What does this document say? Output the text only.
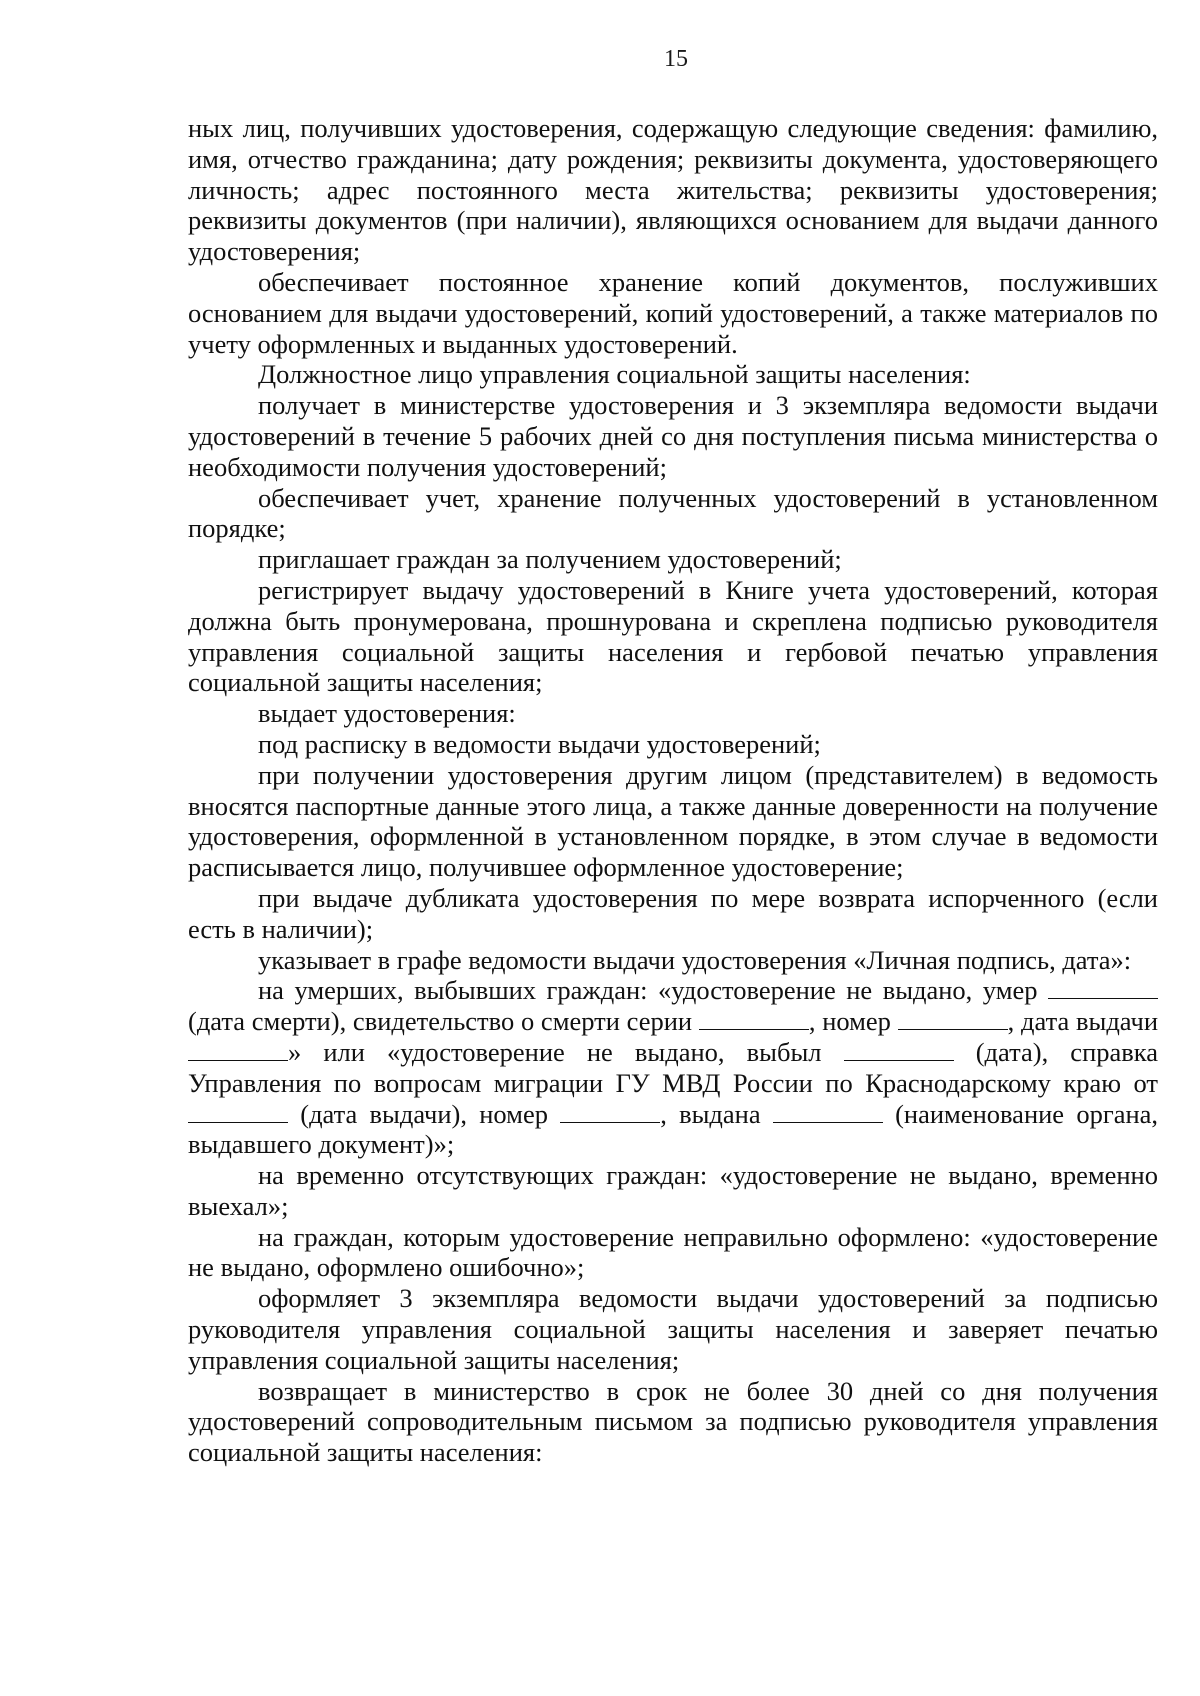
15

ных лиц, получивших удостоверения, содержащую следующие сведения: фамилию, имя, отчество гражданина; дату рождения; реквизиты документа, удостоверяющего личность; адрес постоянного места жительства; реквизиты удостоверения; реквизиты документов (при наличии), являющихся основанием для выдачи данного удостоверения;

обеспечивает постоянное хранение копий документов, послуживших основанием для выдачи удостоверений, копий удостоверений, а также материалов по учету оформленных и выданных удостоверений.

Должностное лицо управления социальной защиты населения:

получает в министерстве удостоверения и 3 экземпляра ведомости выдачи удостоверений в течение 5 рабочих дней со дня поступления письма министерства о необходимости получения удостоверений;

обеспечивает учет, хранение полученных удостоверений в установленном порядке;

приглашает граждан за получением удостоверений;

регистрирует выдачу удостоверений в Книге учета удостоверений, которая должна быть пронумерована, прошнурована и скреплена подписью руководителя управления социальной защиты населения и гербовой печатью управления социальной защиты населения;

выдает удостоверения:

под расписку в ведомости выдачи удостоверений;

при получении удостоверения другим лицом (представителем) в ведомость вносятся паспортные данные этого лица, а также данные доверенности на получение удостоверения, оформленной в установленном порядке, в этом случае в ведомости расписывается лицо, получившее оформленное удостоверение;

при выдаче дубликата удостоверения по мере возврата испорченного (если есть в наличии);

указывает в графе ведомости выдачи удостоверения «Личная подпись, дата»:

на умерших, выбывших граждан: «удостоверение не выдано, умер  (дата смерти), свидетельство о смерти серии	, номер	, дата выдачи » или «удостоверение не выдано, выбыл	(дата), справка Управления по вопросам миграции ГУ МВД России по Краснодарскому краю от  (дата выдачи), номер	, выдана	(наименование органа, выдавшего документ)»;

на временно отсутствующих граждан: «удостоверение не выдано, временно выехал»;

на граждан, которым удостоверение неправильно оформлено: «удостоверение не выдано, оформлено ошибочно»;

оформляет 3 экземпляра ведомости выдачи удостоверений за подписью руководителя управления социальной защиты населения и заверяет печатью управления социальной защиты населения;

возвращает в министерство в срок не более 30 дней со дня получения удостоверений сопроводительным письмом за подписью руководителя управления социальной защиты населения:
